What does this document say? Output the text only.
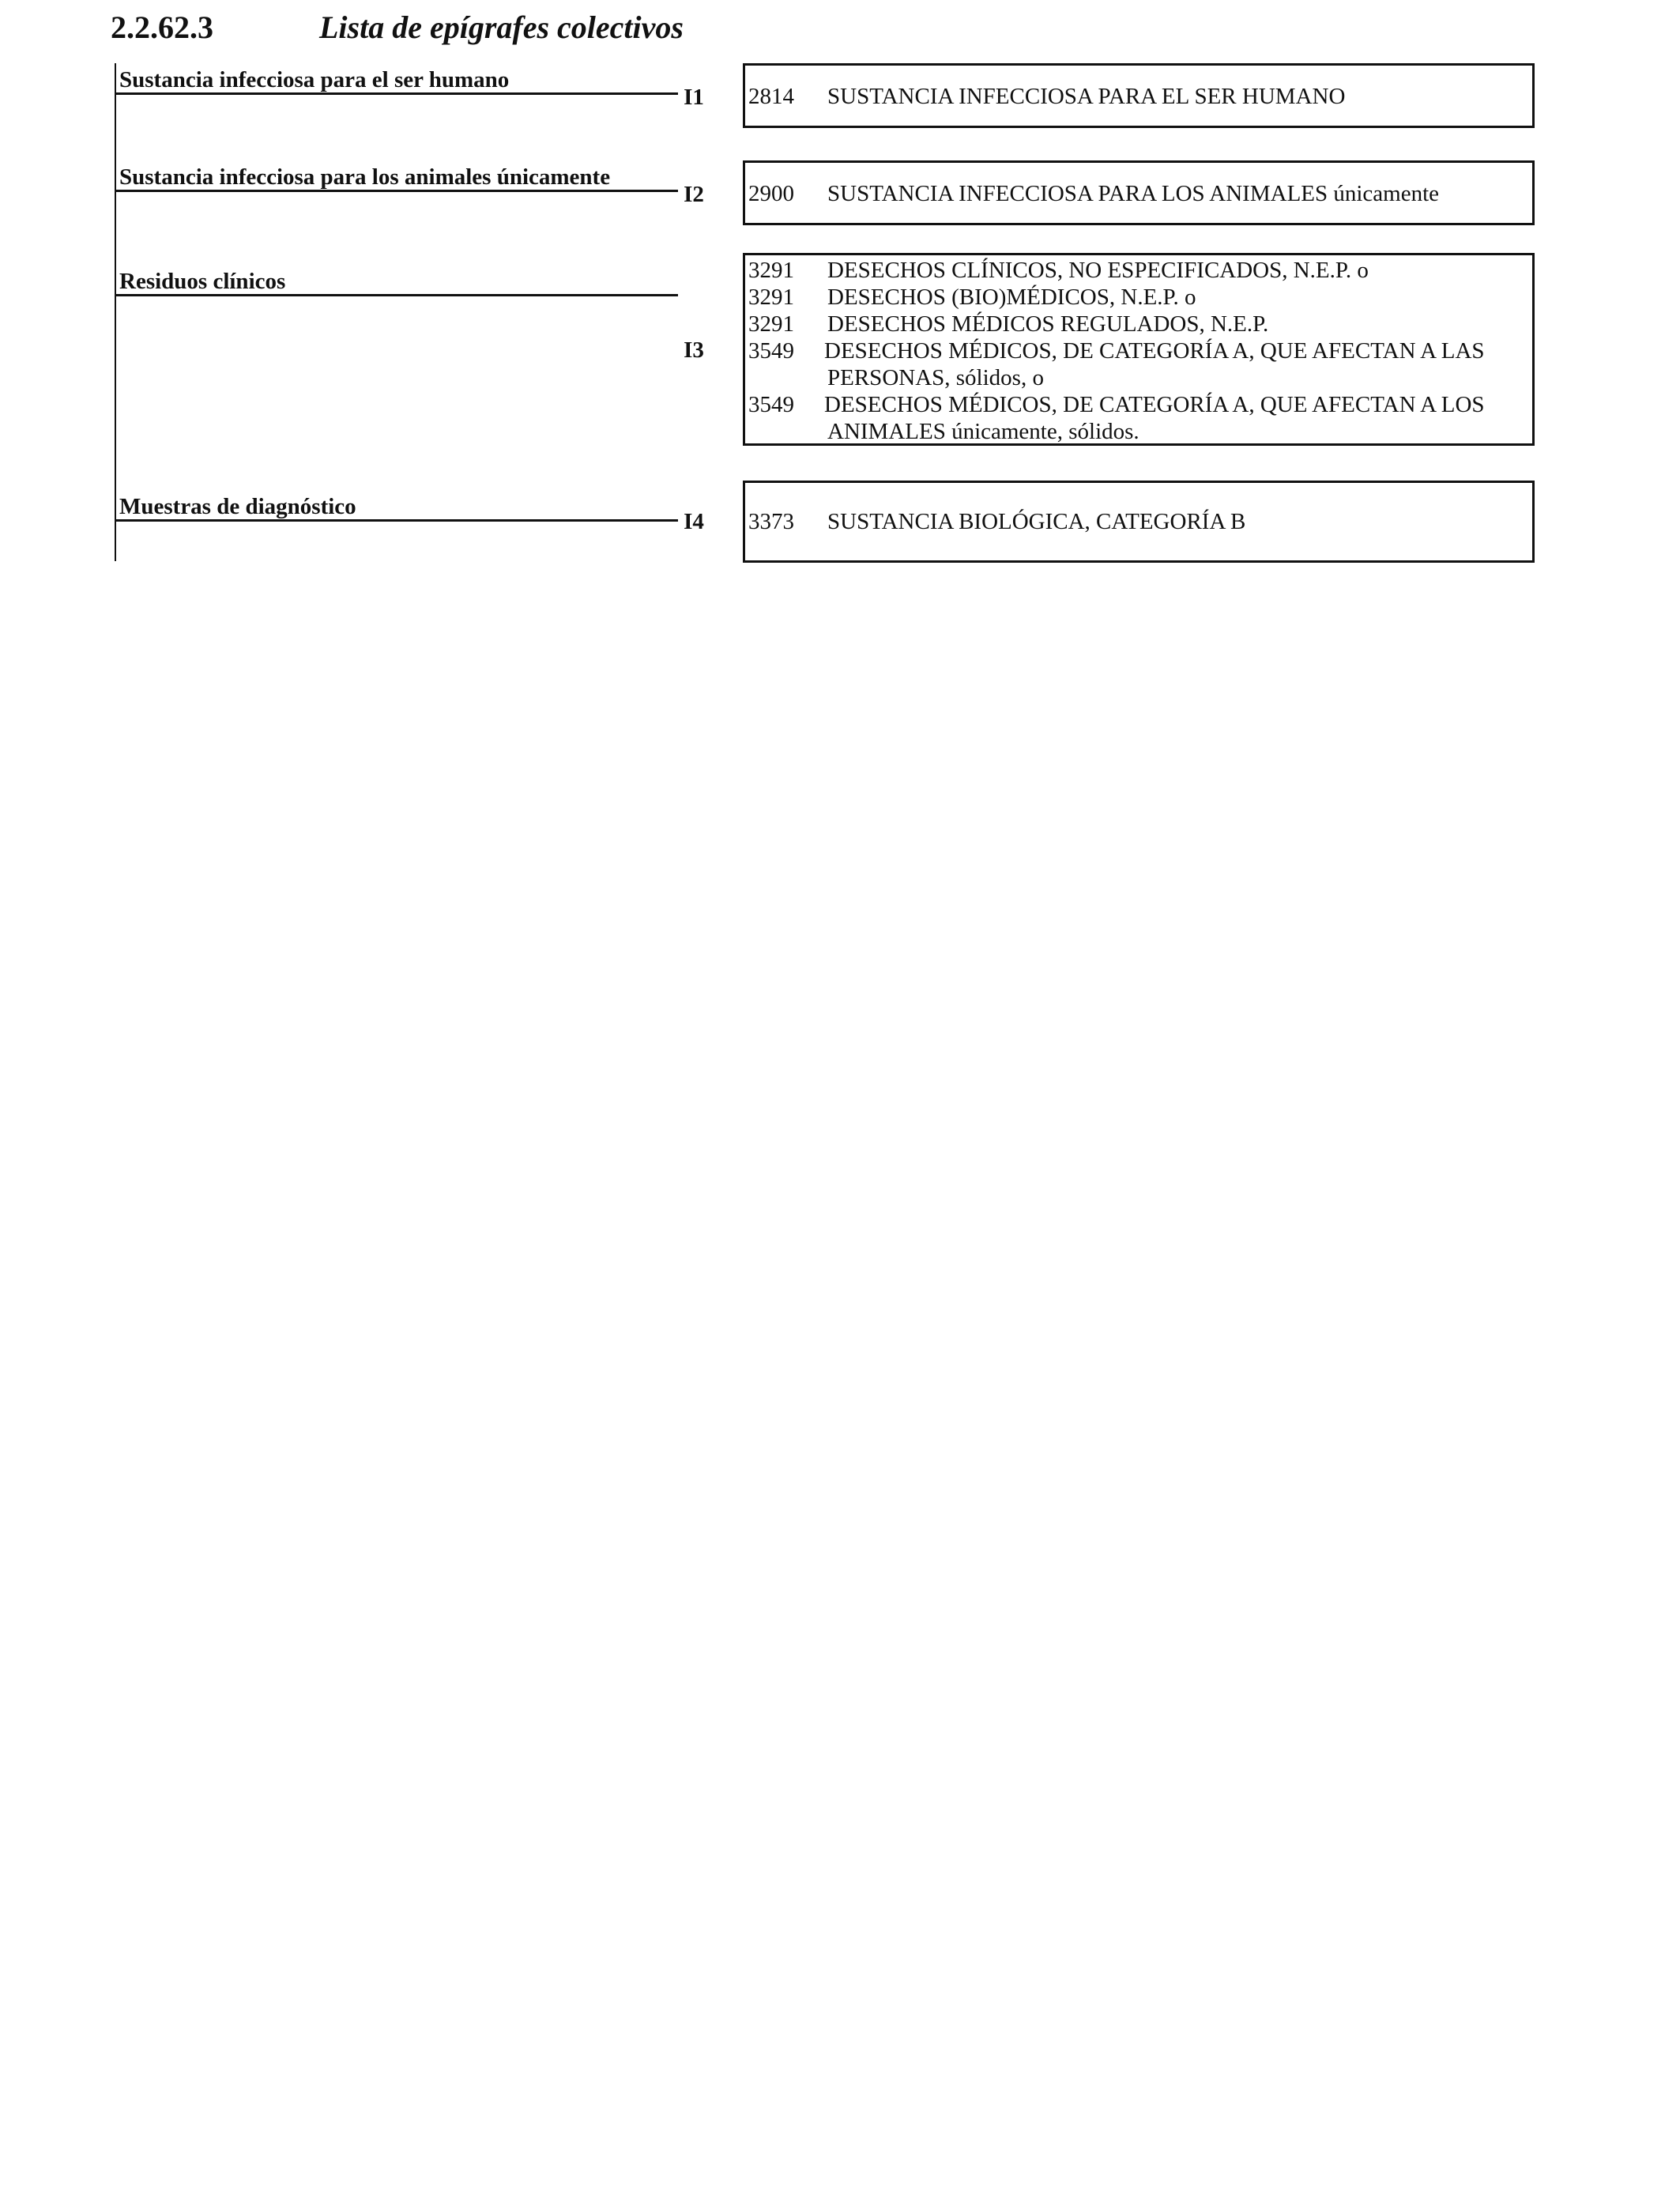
2.2.62.3	Lista de epígrafes colectivos
Sustancia infecciosa para el ser humano
I1 2814 SUSTANCIA INFECCIOSA PARA EL SER HUMANO
Sustancia infecciosa para los animales únicamente
I2 2900 SUSTANCIA INFECCIOSA PARA LOS ANIMALES únicamente
Residuos clínicos
I3
3291 DESECHOS CLÍNICOS, NO ESPECIFICADOS, N.E.P. o
3291 DESECHOS (BIO)MÉDICOS, N.E.P. o
3291 DESECHOS MÉDICOS REGULADOS, N.E.P.
3549 DESECHOS MÉDICOS, DE CATEGORÍA A, QUE AFECTAN A LAS
PERSONAS, sólidos, o
3549 DESECHOS MÉDICOS, DE CATEGORÍA A, QUE AFECTAN A LOS
ANIMALES únicamente, sólidos.
Muestras de diagnóstico
I4 3373 SUSTANCIA BIOLÓGICA, CATEGORÍA B
